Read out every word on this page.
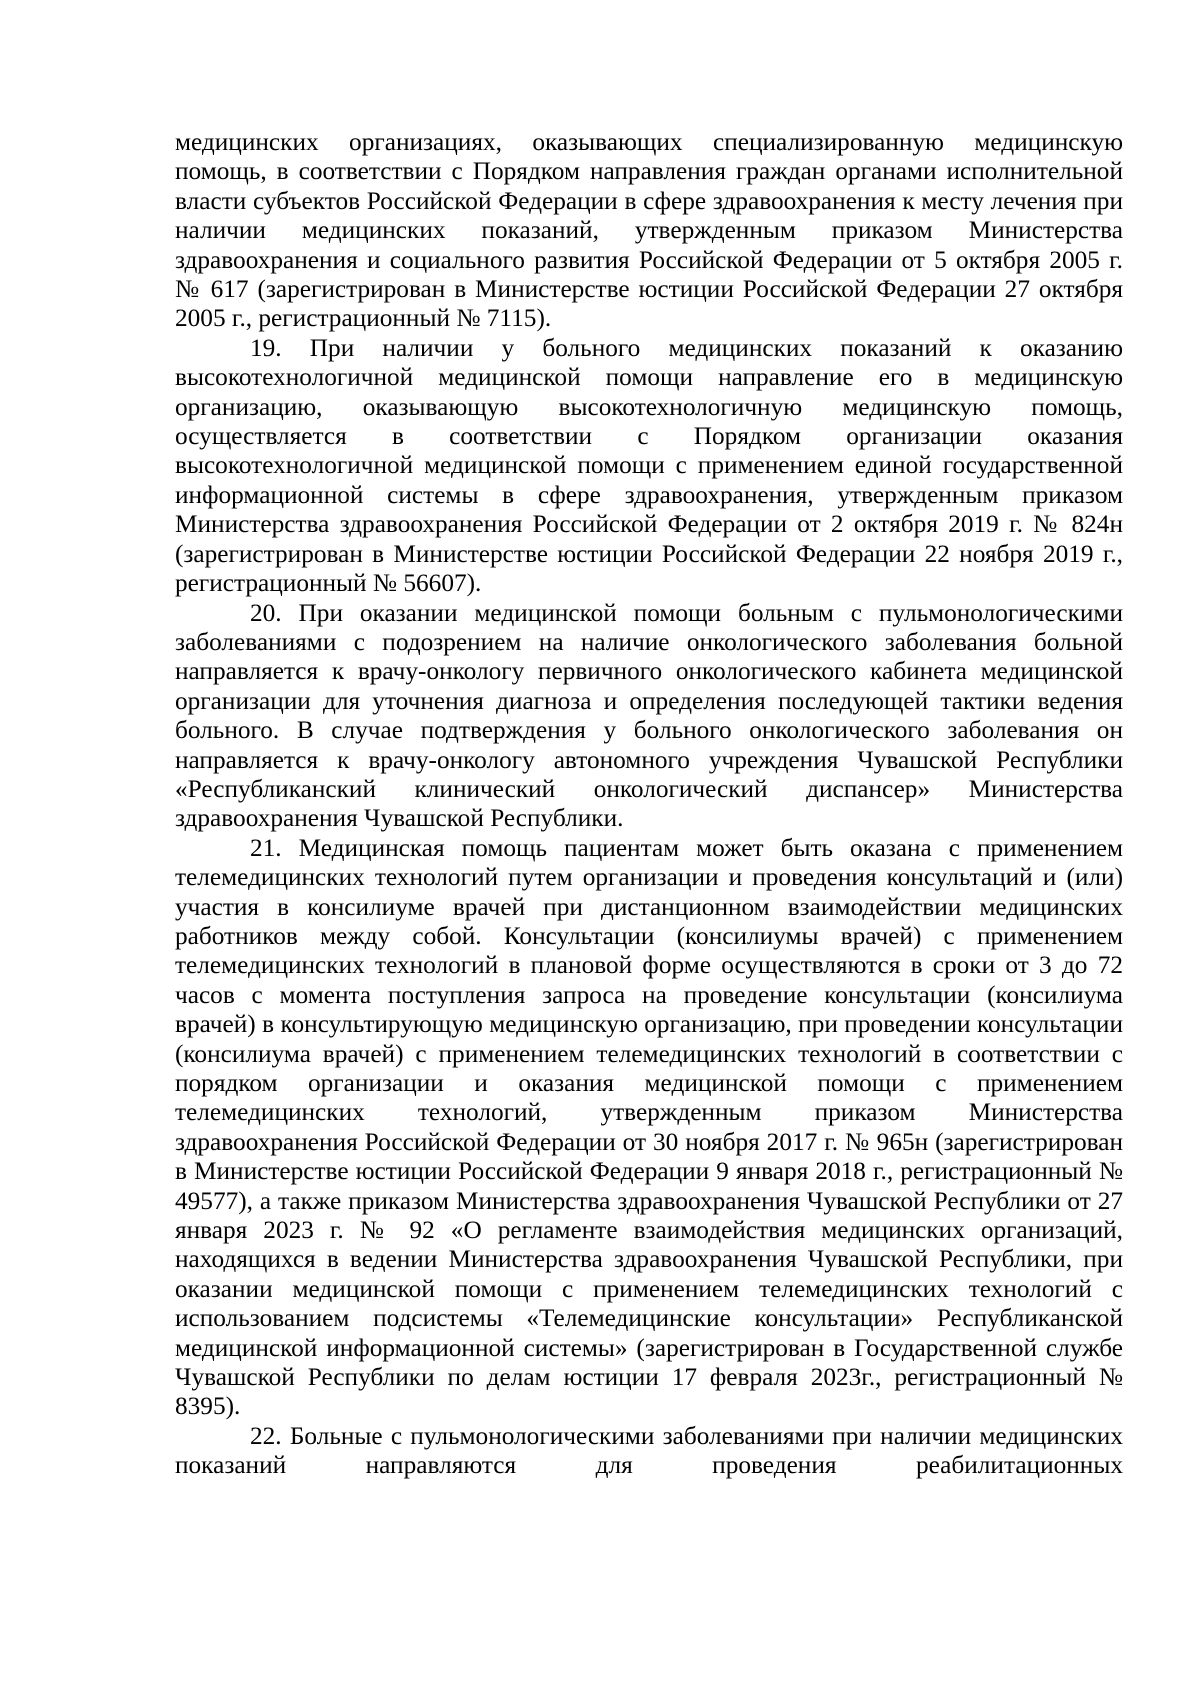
медицинских организациях, оказывающих специализированную медицинскую помощь, в соответствии с Порядком направления граждан органами исполнительной власти субъектов Российской Федерации в сфере здравоохранения к месту лечения при наличии медицинских показаний, утвержденным приказом Министерства здравоохранения и социального развития Российской Федерации от 5 октября 2005 г. № 617 (зарегистрирован в Министерстве юстиции Российской Федерации 27 октября 2005 г., регистрационный № 7115).

19. При наличии у больного медицинских показаний к оказанию высокотехнологичной медицинской помощи направление его в медицинскую организацию, оказывающую высокотехнологичную медицинскую помощь, осуществляется в соответствии с Порядком организации оказания высокотехнологичной медицинской помощи с применением единой государственной информационной системы в сфере здравоохранения, утвержденным приказом Министерства здравоохранения Российской Федерации от 2 октября 2019 г. № 824н (зарегистрирован в Министерстве юстиции Российской Федерации 22 ноября 2019 г., регистрационный № 56607).

20. При оказании медицинской помощи больным с пульмонологическими заболеваниями с подозрением на наличие онкологического заболевания больной направляется к врачу-онкологу первичного онкологического кабинета медицинской организации для уточнения диагноза и определения последующей тактики ведения больного. В случае подтверждения у больного онкологического заболевания он направляется к врачу-онкологу автономного учреждения Чувашской Республики «Республиканский клинический онкологический диспансер» Министерства здравоохранения Чувашской Республики.

21. Медицинская помощь пациентам может быть оказана с применением телемедицинских технологий путем организации и проведения консультаций и (или) участия в консилиуме врачей при дистанционном взаимодействии медицинских работников между собой. Консультации (консилиумы врачей) с применением телемедицинских технологий в плановой форме осуществляются в сроки от 3 до 72 часов с момента поступления запроса на проведение консультации (консилиума врачей) в консультирующую медицинскую организацию, при проведении консультации (консилиума врачей) с применением телемедицинских технологий в соответствии с порядком организации и оказания медицинской помощи с применением телемедицинских технологий, утвержденным приказом Министерства здравоохранения Российской Федерации от 30 ноября 2017 г. № 965н (зарегистрирован в Министерстве юстиции Российской Федерации 9 января 2018 г., регистрационный № 49577), а также приказом Министерства здравоохранения Чувашской Республики от 27 января 2023 г. № 92 «О регламенте взаимодействия медицинских организаций, находящихся в ведении Министерства здравоохранения Чувашской Республики, при оказании медицинской помощи с применением телемедицинских технологий с использованием подсистемы «Телемедицинские консультации» Республиканской медицинской информационной системы» (зарегистрирован в Государственной службе Чувашской Республики по делам юстиции 17 февраля 2023г., регистрационный № 8395).

22. Больные с пульмонологическими заболеваниями при наличии медицинских показаний направляются для проведения реабилитационных
